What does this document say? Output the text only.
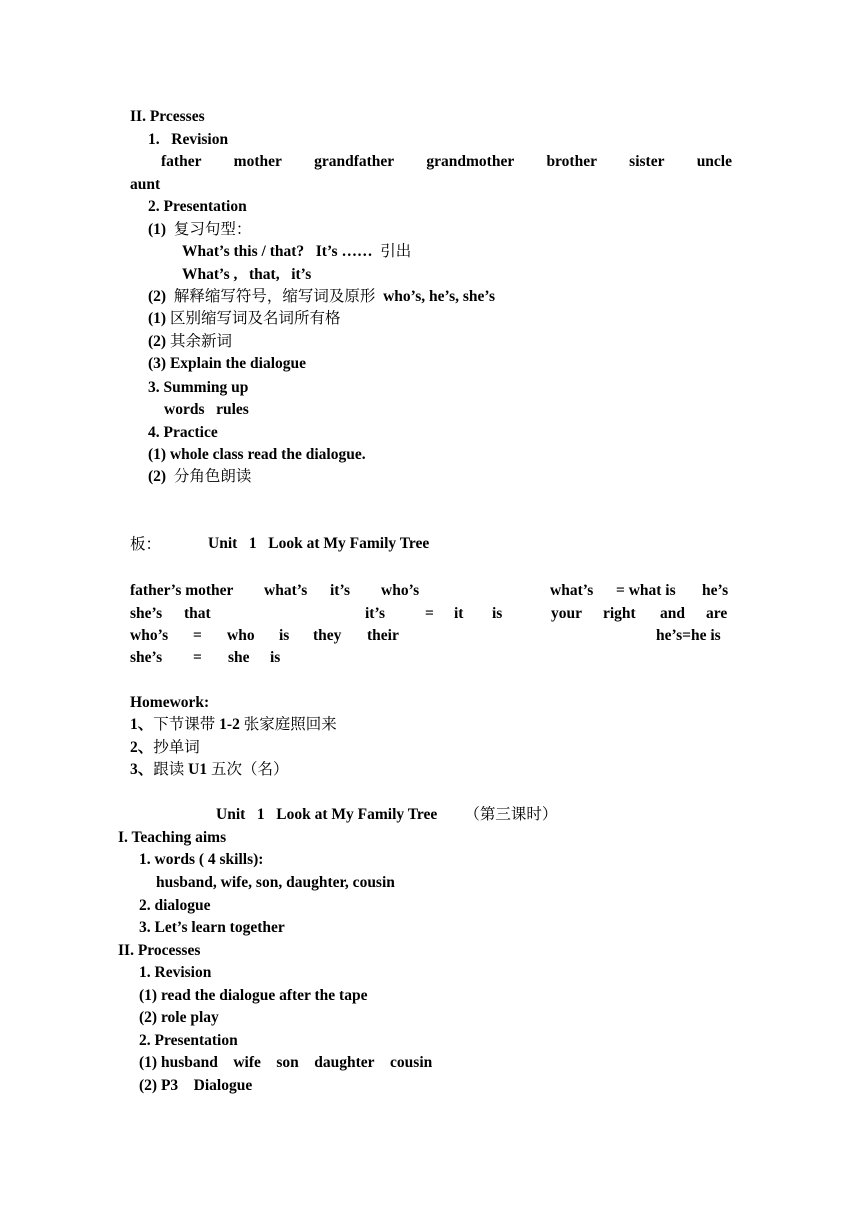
II. Prcesses
1.   Revision
father mother grandfather grandmother brother sister uncle
aunt
2. Presentation
(1) 复习句型：
What’s this / that?   It’s …… 引出
What’s ,   that,   it’s
(2) 解释缩写符号，缩写词及原形 who’s, he’s, she’s
(1) 区别缩写词及名词所有格
(2) 其余新词
(3) Explain the dialogue
3. Summing up
words   rules
4. Practice
(1) whole class read the dialogue.
(2) 分角色朗读
板：	Unit   1   Look at My Family Tree
father’s mother what’s it’s who’s	what’s = what is he’s
she’s that	it’s	= it is	your right and are
who’s = who is they their	he’s=he is
she’s = she is
Homework:
1、下节课带 1-2 张家庭照回来
2、抄单词
3、跟读 U1 五次（名）
Unit   1   Look at My Family Tree （第三课时）
I. Teaching aims
1. words ( 4 skills):
husband, wife, son, daughter, cousin
2. dialogue
3. Let’s learn together
II. Processes
1. Revision
(1) read the dialogue after the tape
(2) role play
2. Presentation
(1) husband    wife    son    daughter    cousin
(2) P3    Dialogue
